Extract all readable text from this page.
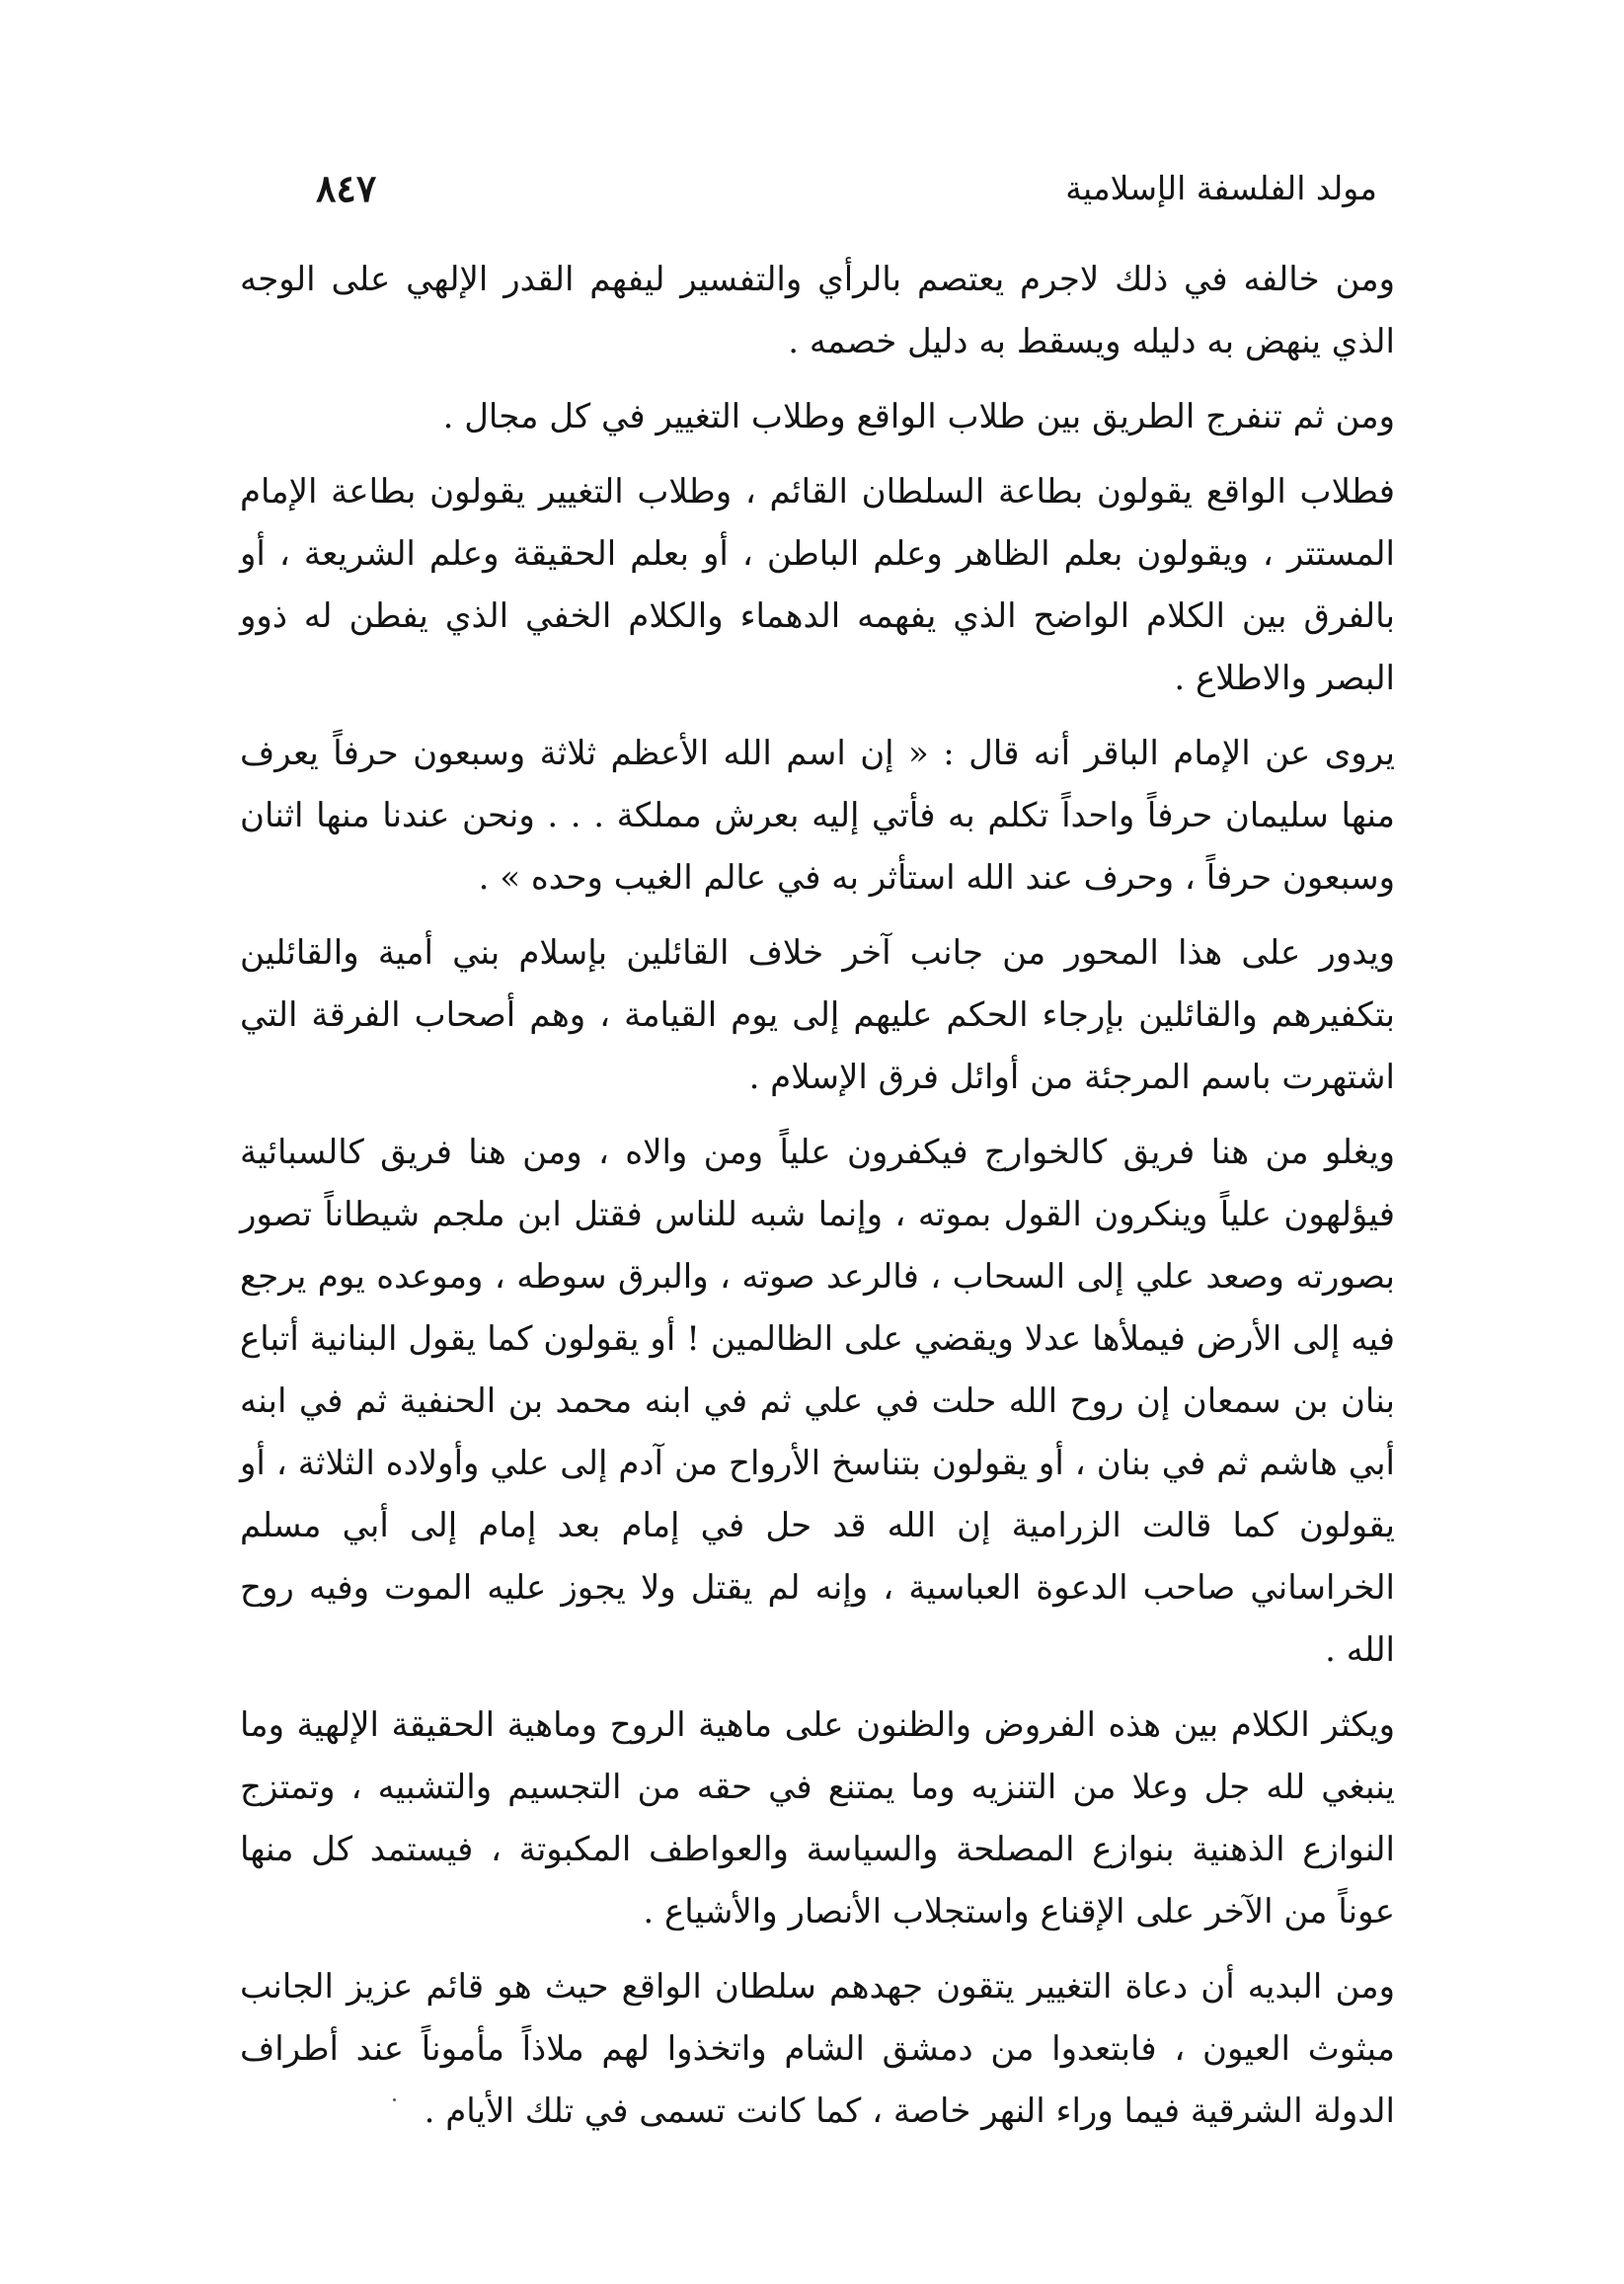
مولد الفلسفة الإسلامية
٨٤٧

ومن خالفه في ذلك لاجرم يعتصم بالرأي والتفسير ليفهم القدر الإلهي على الوجه الذي ينهض به دليله ويسقط به دليل خصمه .

ومن ثم تنفرج الطريق بين طلاب الواقع وطلاب التغيير في كل مجال .

فطلاب الواقع يقولون بطاعة السلطان القائم ، وطلاب التغيير يقولون بطاعة الإمام المستتر ، ويقولون بعلم الظاهر وعلم الباطن ، أو بعلم الحقيقة وعلم الشريعة ، أو بالفرق بين الكلام الواضح الذي يفهمه الدهماء والكلام الخفي الذي يفطن له ذوو البصر والاطلاع .

يروى عن الإمام الباقر أنه قال : « إن اسم الله الأعظم ثلاثة وسبعون حرفاً يعرف منها سليمان حرفاً واحداً تكلم به فأتي إليه بعرش مملكة . . . ونحن عندنا منها اثنان وسبعون حرفاً ، وحرف عند الله استأثر به في عالم الغيب وحده » .

ويدور على هذا المحور من جانب آخر خلاف القائلين بإسلام بني أمية والقائلين بتكفيرهم والقائلين بإرجاء الحكم عليهم إلى يوم القيامة ، وهم أصحاب الفرقة التي اشتهرت باسم المرجئة من أوائل فرق الإسلام .

ويغلو من هنا فريق كالخوارج فيكفرون علياً ومن والاه ، ومن هنا فريق كالسبائية فيؤلهون علياً وينكرون القول بموته ، وإنما شبه للناس فقتل ابن ملجم شيطاناً تصور بصورته وصعد علي إلى السحاب ، فالرعد صوته ، والبرق سوطه ، وموعده يوم يرجع فيه إلى الأرض فيملأها عدلا ويقضي على الظالمين ! أو يقولون كما يقول البنانية أتباع بنان بن سمعان إن روح الله حلت في علي ثم في ابنه محمد بن الحنفية ثم في ابنه أبي هاشم ثم في بنان ، أو يقولون بتناسخ الأرواح من آدم إلى علي وأولاده الثلاثة ، أو يقولون كما قالت الزرامية إن الله قد حل في إمام بعد إمام إلى أبي مسلم الخراساني صاحب الدعوة العباسية ، وإنه لم يقتل ولا يجوز عليه الموت وفيه روح الله .

ويكثر الكلام بين هذه الفروض والظنون على ماهية الروح وماهية الحقيقة الإلهية وما ينبغي لله جل وعلا من التنزيه وما يمتنع في حقه من التجسيم والتشبيه ، وتمتزج النوازع الذهنية بنوازع المصلحة والسياسة والعواطف المكبوتة ، فيستمد كل منها عوناً من الآخر على الإقناع واستجلاب الأنصار والأشياع .

ومن البديه أن دعاة التغيير يتقون جهدهم سلطان الواقع حيث هو قائم عزيز الجانب مبثوث العيون ، فابتعدوا من دمشق الشام واتخذوا لهم ملاذاً مأموناً عند أطراف الدولة الشرقية فيما وراء النهر خاصة ، كما كانت تسمى في تلك الأيام .
